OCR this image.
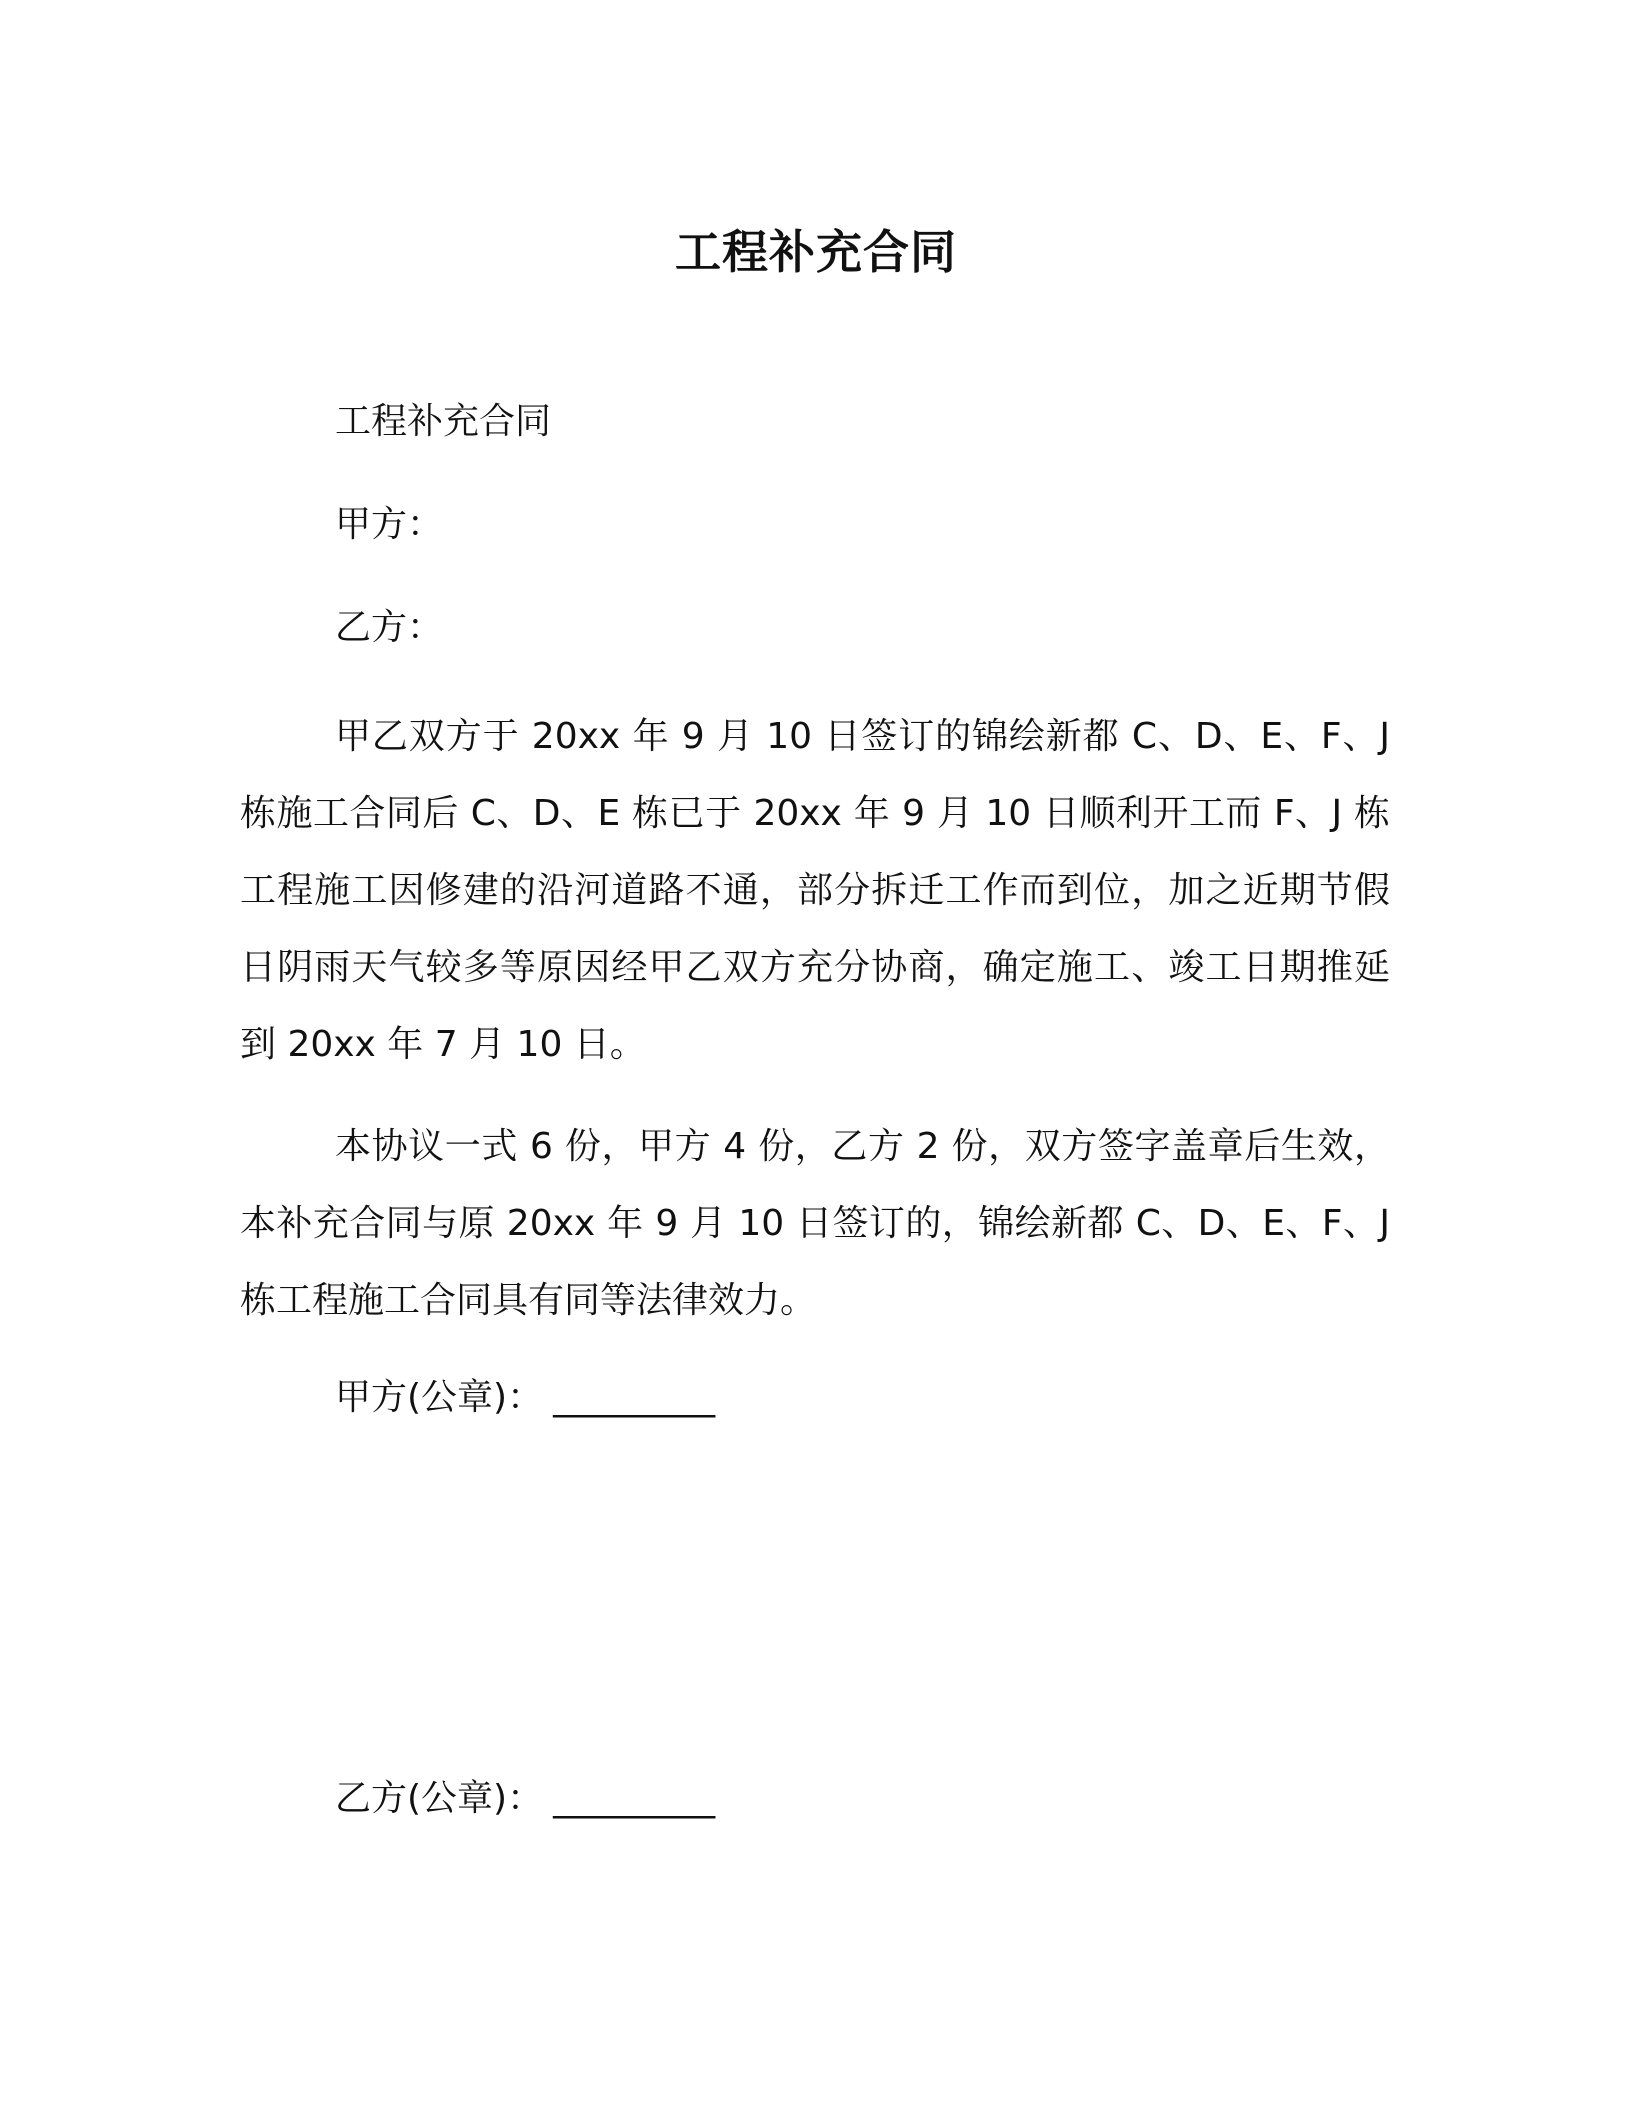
工程补充合同

工程补充合同

甲方：

乙方：

甲乙双方于 20xx 年 9 月 10 日签订的锦绘新都 C、D、E、F、J 栋施工合同后 C、D、E 栋已于 20xx 年 9 月 10 日顺利开工而 F、J 栋工程施工因修建的沿河道路不通，部分拆迁工作而到位，加之近期节假日阴雨天气较多等原因经甲乙双方充分协商，确定施工、竣工日期推延到 20xx 年 7 月 10 日。

本协议一式 6 份，甲方 4 份，乙方 2 份，双方签字盖章后生效，本补充合同与原 20xx 年 9 月 10 日签订的，锦绘新都 C、D、E、F、J 栋工程施工合同具有同等法律效力。

甲方(公章)： _________

乙方(公章)： _________
